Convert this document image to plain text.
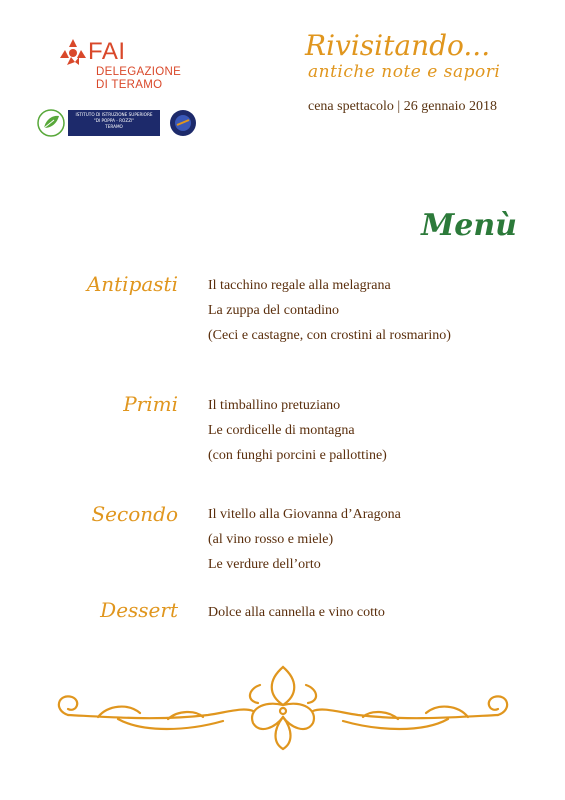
FAI
DELEGAZIONE
DI TERAMO
ISTITUTO DI ISTRUZIONE SUPERIORE
"DI POPPA - ROZZI"
TERAMO
Rivisitando...
antiche note e sapori
cena spettacolo | 26 gennaio 2018
Menù
Antipasti Il tacchino regale alla melagrana
La zuppa del contadino
(Ceci e castagne, con crostini al rosmarino)
Primi Il timballino pretuziano
Le cordicelle di montagna
(con funghi porcini e pallottine)
Secondo Il vitello alla Giovanna d’Aragona
(al vino rosso e miele)
Le verdure dell’orto
Dessert Dolce alla cannella e vino cotto
